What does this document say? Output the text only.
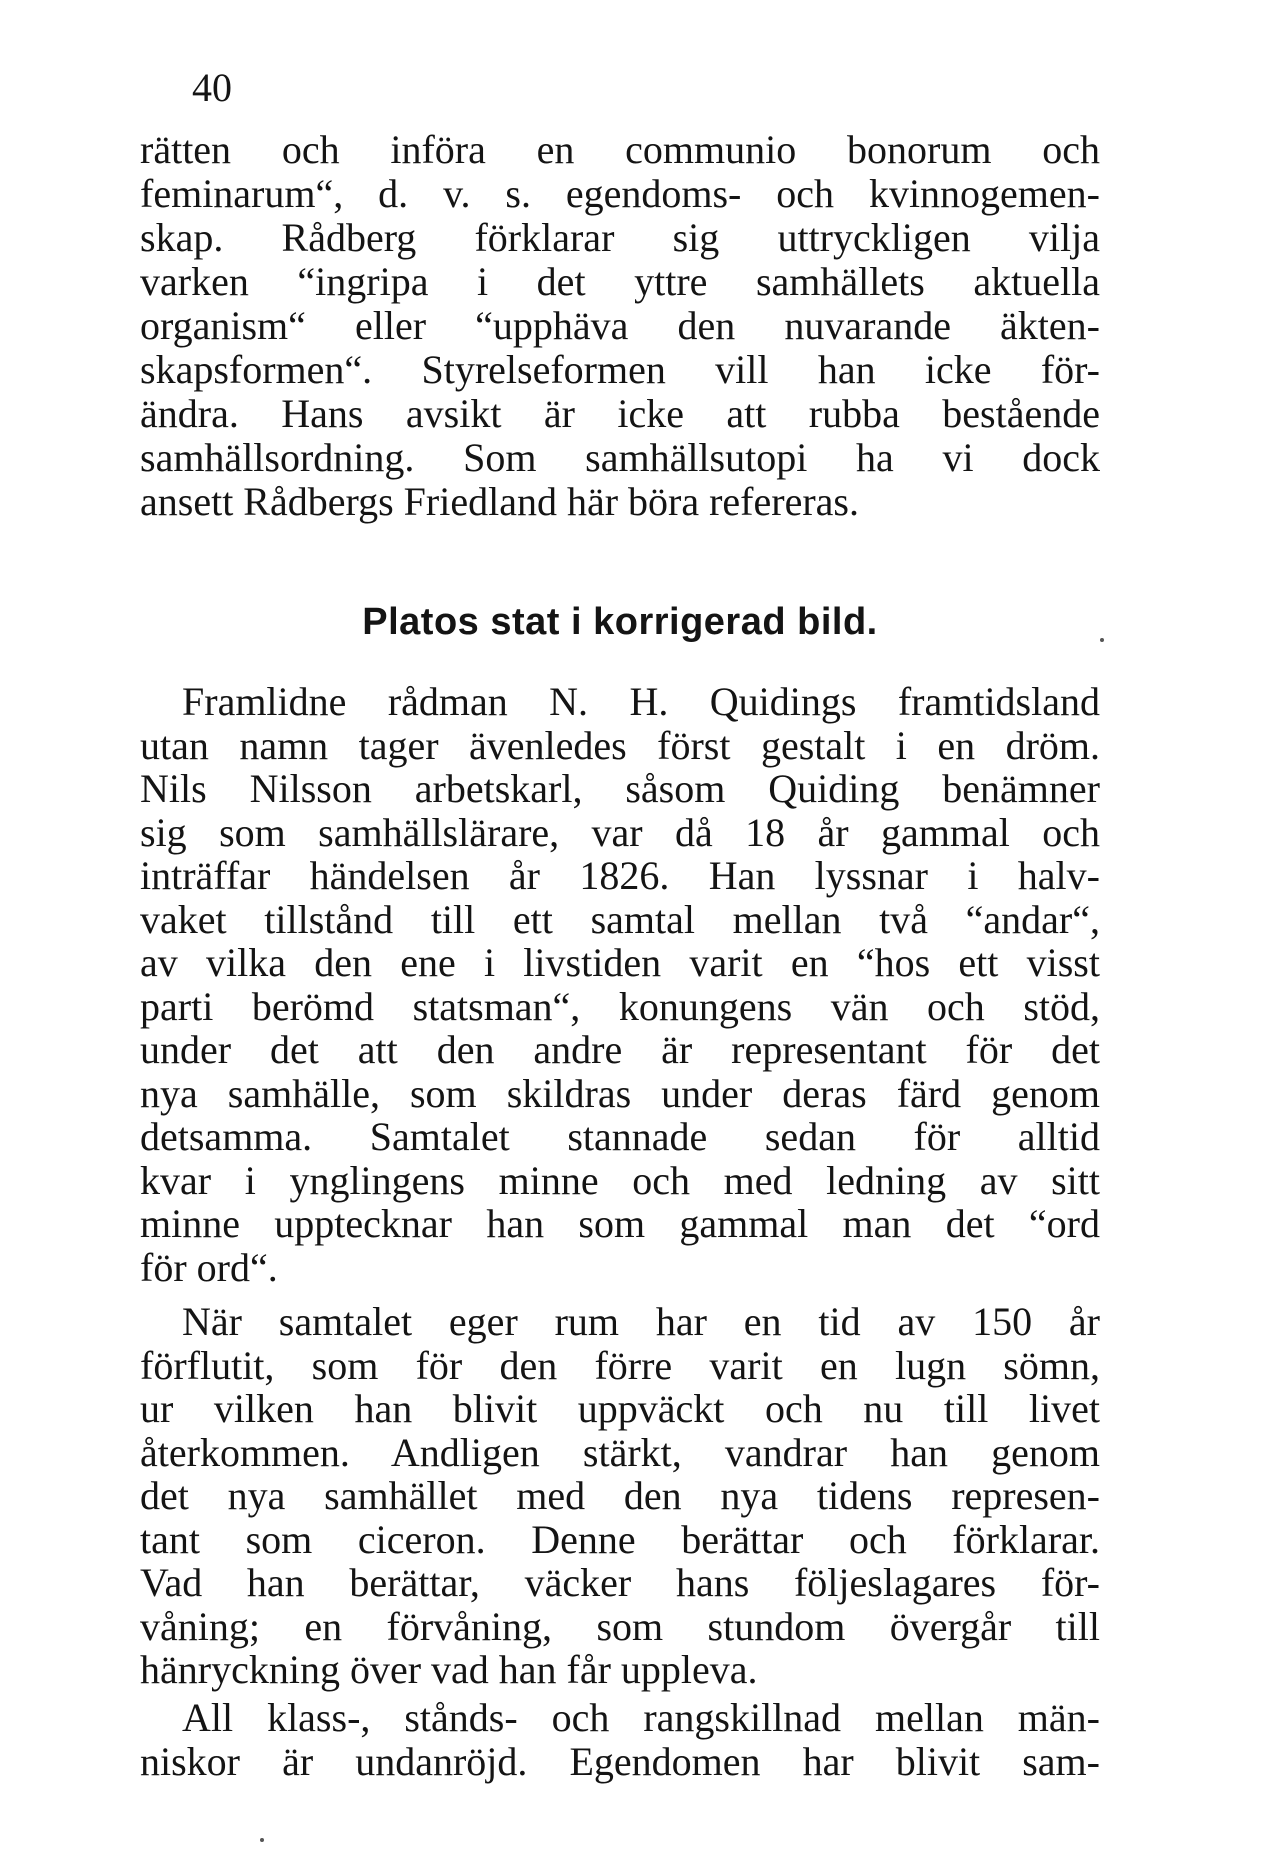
40
rätten och införa en communio bonorum och
feminarum“, d. v. s. egendoms- och kvinnogemen-
skap. Rådberg förklarar sig uttryckligen vilja
varken “ingripa i det yttre samhällets aktuella
organism“ eller “upphäva den nuvarande äkten-
skapsformen“. Styrelseformen vill han icke för-
ändra. Hans avsikt är icke att rubba bestående
samhällsordning. Som samhällsutopi ha vi dock
ansett Rådbergs Friedland här böra refereras.
Platos stat i korrigerad bild.
Framlidne rådman N. H. Quidings framtidsland
utan namn tager ävenledes först gestalt i en dröm.
Nils Nilsson arbetskarl, såsom Quiding benämner
sig som samhällslärare, var då 18 år gammal och
inträffar händelsen år 1826. Han lyssnar i halv-
vaket tillstånd till ett samtal mellan två “andar“,
av vilka den ene i livstiden varit en “hos ett visst
parti berömd statsman“, konungens vän och stöd,
under det att den andre är representant för det
nya samhälle, som skildras under deras färd genom
detsamma. Samtalet stannade sedan för alltid
kvar i ynglingens minne och med ledning av sitt
minne upptecknar han som gammal man det “ord
för ord“.
När samtalet eger rum har en tid av 150 år
förflutit, som för den förre varit en lugn sömn,
ur vilken han blivit uppväckt och nu till livet
återkommen. Andligen stärkt, vandrar han genom
det nya samhället med den nya tidens represen-
tant som ciceron. Denne berättar och förklarar.
Vad han berättar, väcker hans följeslagares för-
våning; en förvåning, som stundom övergår till
hänryckning över vad han får uppleva.
All klass-, stånds- och rangskillnad mellan män-
niskor är undanröjd. Egendomen har blivit sam-
